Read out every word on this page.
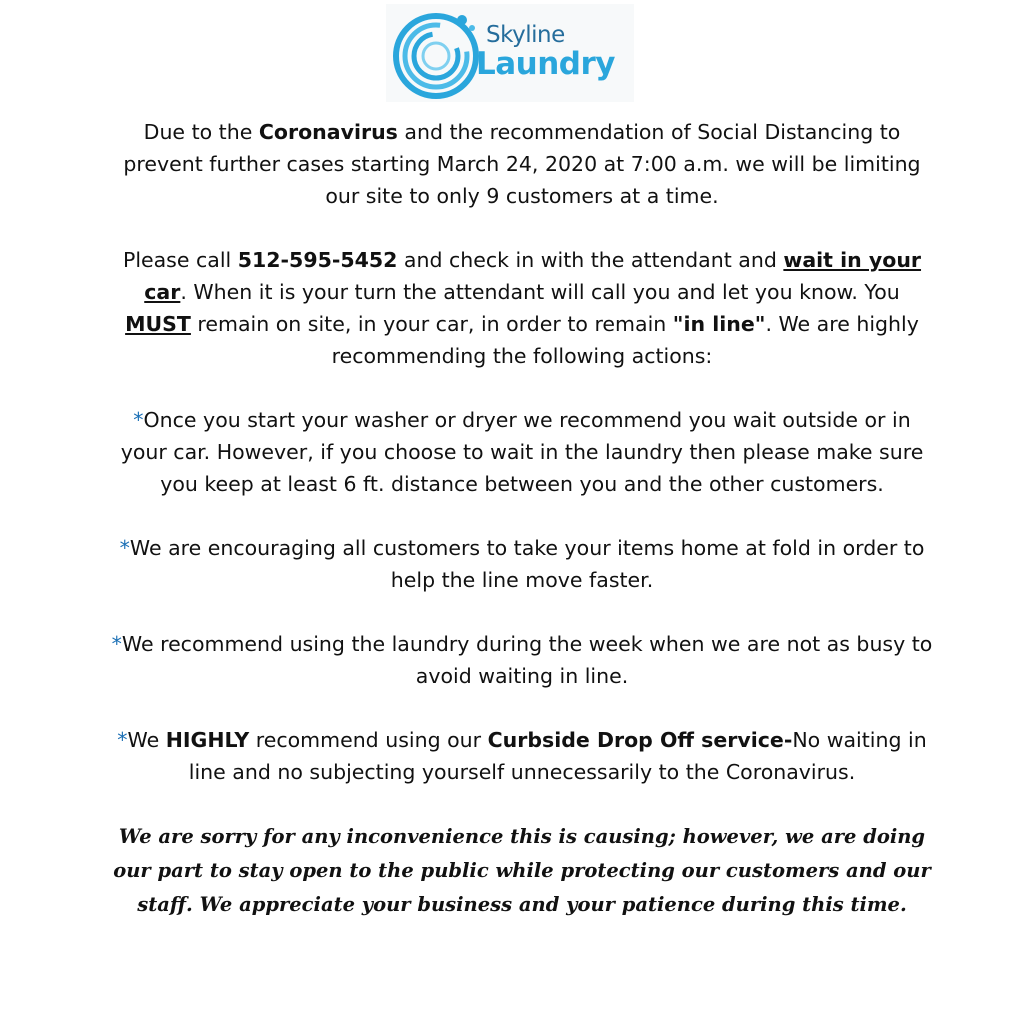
Skyline
Laundry

Due to the Coronavirus and the recommendation of Social Distancing to prevent further cases starting March 24, 2020 at 7:00 a.m. we will be limiting our site to only 9 customers at a time.

Please call 512-595-5452 and check in with the attendant and wait in your car. When it is your turn the attendant will call you and let you know. You MUST remain on site, in your car, in order to remain "in line". We are highly recommending the following actions:

*Once you start your washer or dryer we recommend you wait outside or in your car. However, if you choose to wait in the laundry then please make sure you keep at least 6 ft. distance between you and the other customers.

*We are encouraging all customers to take your items home at fold in order to help the line move faster.

*We recommend using the laundry during the week when we are not as busy to avoid waiting in line.

*We HIGHLY recommend using our Curbside Drop Off service-No waiting in line and no subjecting yourself unnecessarily to the Coronavirus.

We are sorry for any inconvenience this is causing; however, we are doing our part to stay open to the public while protecting our customers and our staff. We appreciate your business and your patience during this time.
